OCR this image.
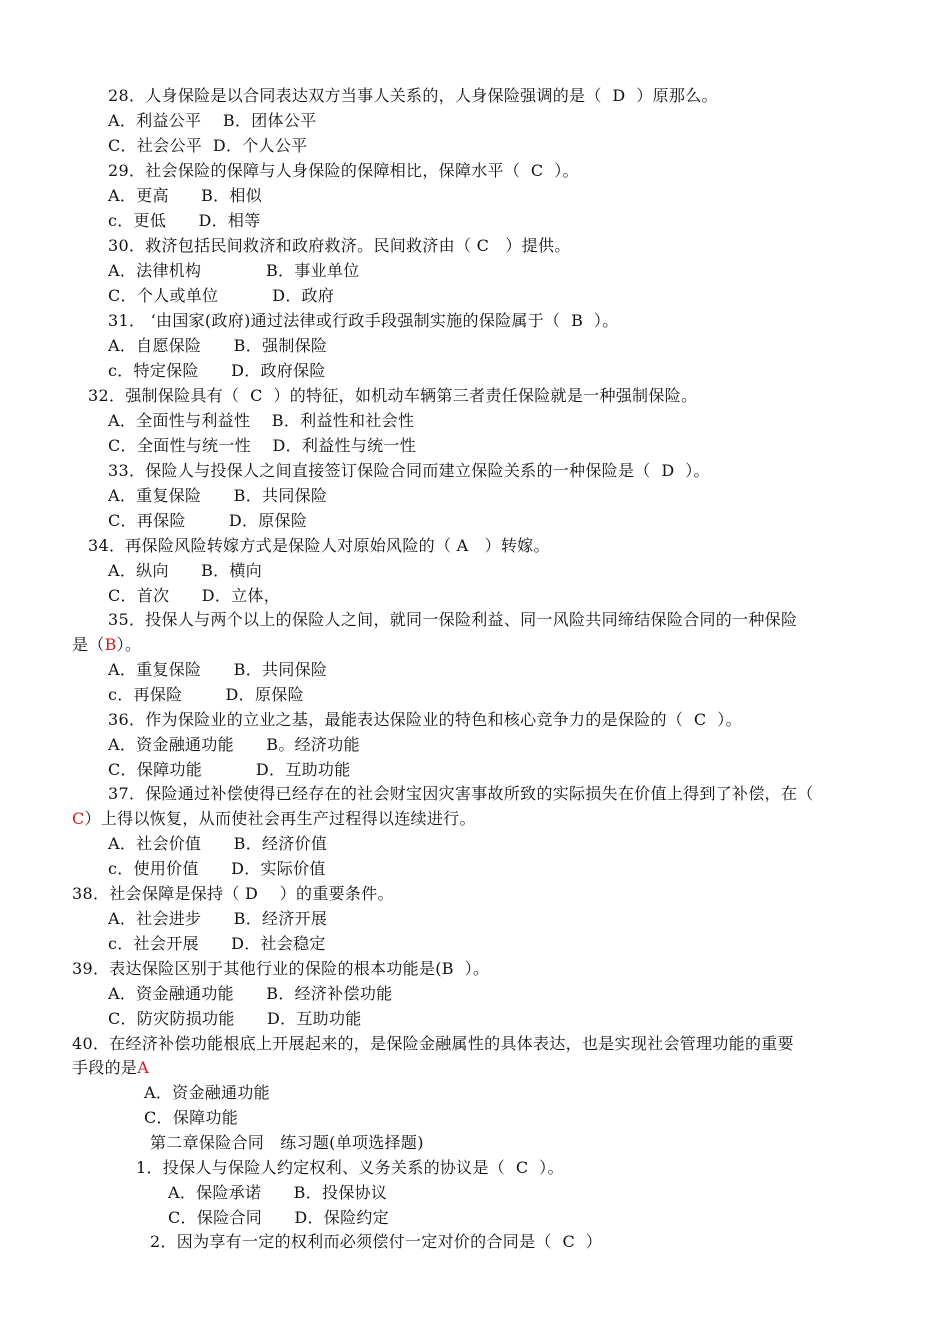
28．人身保险是以合同表达双方当事人关系的，人身保险强调的是（  D  ）原那么。
A．利益公平    B．团体公平
C．社会公平  D．个人公平
29．社会保险的保障与人身保险的保障相比，保障水平（  C  ）。
A．更高      B．相似
c．更低      D．相等
30．救济包括民间救济和政府救济。民间救济由（ C   ）提供。
A．法律机构            B．事业单位
C．个人或单位          D．政府
31． ‘由国家(政府)通过法律或行政手段强制实施的保险属于（  B  ）。
A．自愿保险      B．强制保险
c．特定保险      D．政府保险
32．强制保险具有（  C  ）的特征，如机动车辆第三者责任保险就是一种强制保险。
A．全面性与利益性    B．利益性和社会性
C．全面性与统一性    D．利益性与统一性
33．保险人与投保人之间直接签订保险合同而建立保险关系的一种保险是（  D  ）。
A．重复保险      B．共同保险
C．再保险        D．原保险
34．再保险风险转嫁方式是保险人对原始风险的（ A   ）转嫁。
A．纵向      B．横向
C．首次      D．立体，
35．投保人与两个以上的保险人之间，就同一保险利益、同一风险共同缔结保险合同的一种保险
是（B）。
A．重复保险      B．共同保险
c．再保险        D．原保险
36．作为保险业的立业之基，最能表达保险业的特色和核心竞争力的是保险的（  C  ）。
A．资金融通功能      B。经济功能
C．保障功能          D．互助功能
37．保险通过补偿使得已经存在的社会财宝因灾害事故所致的实际损失在价值上得到了补偿，在（
C）上得以恢复，从而使社会再生产过程得以连续进行。
A．社会价值      B．经济价值
c．使用价值      D．实际价值
38．社会保障是保持（ D    ）的重要条件。
A．社会进步      B．经济开展
c．社会开展      D．社会稳定
39．表达保险区别于其他行业的保险的根本功能是(B  ）。
A．资金融通功能      B．经济补偿功能
C．防灾防损功能      D．互助功能
40．在经济补偿功能根底上开展起来的，是保险金融属性的具体表达，也是实现社会管理功能的重要
手段的是A
A．资金融通功能
C．保障功能
第二章保险合同   练习题(单项选择题)
1．投保人与保险人约定权利、义务关系的协议是（  C  ）。
A．保险承诺      B．投保协议
C．保险合同      D．保险约定
2．因为享有一定的权利而必须偿付一定对价的合同是（  C  ）
